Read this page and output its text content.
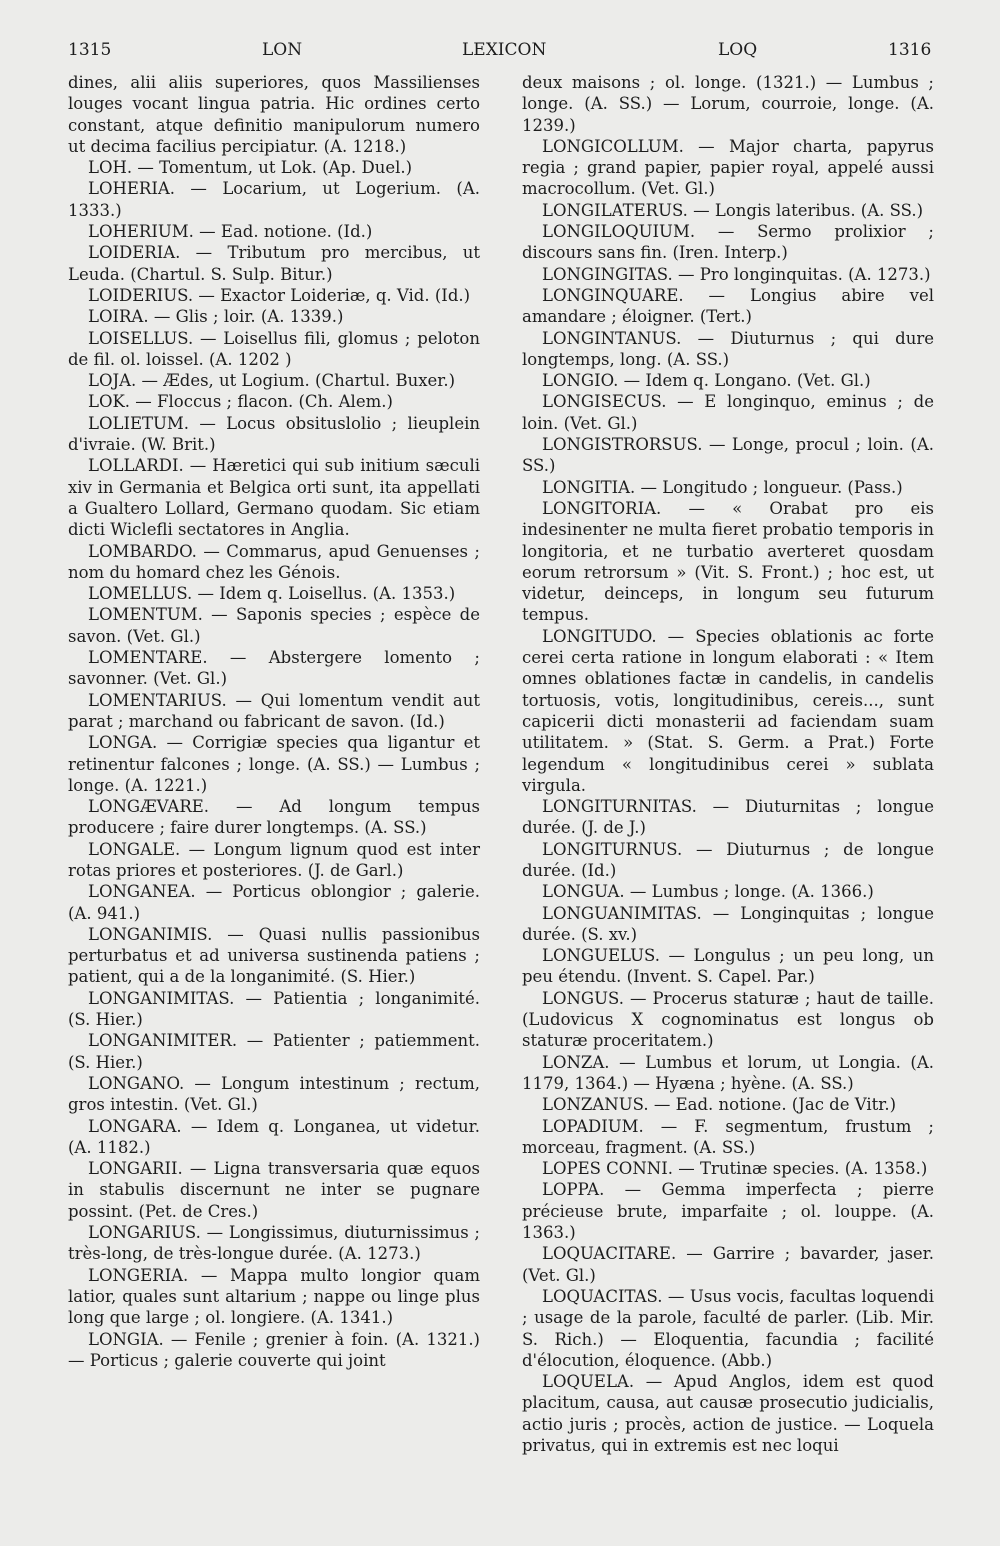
1315	LON	LEXICON	LOQ	1316

dines, alii aliis superiores, quos Massilienses louges vocant lingua patria. Hic ordines certo constant, atque definitio manipulorum numero ut decima facilius percipiatur. (A. 1218.)

LOH. — Tomentum, ut Lok. (Ap. Duel.)

LOHERIA. — Locarium, ut Logerium. (A. 1333.)

LOHERIUM. — Ead. notione. (Id.)

LOIDERIA. — Tributum pro mercibus, ut Leuda. (Chartul. S. Sulp. Bitur.)

LOIDERIUS. — Exactor Loideriæ, q. Vid. (Id.)

LOIRA. — Glis ; loir. (A. 1339.)

LOISELLUS. — Loisellus fili, glomus ; peloton de fil. ol. loissel. (A. 1202 )

LOJA. — Ædes, ut Logium. (Chartul. Buxer.)

LOK. — Floccus ; flacon. (Ch. Alem.)

LOLIETUM. — Locus obsituslolio ; lieuplein d'ivraie. (W. Brit.)

LOLLARDI. — Hæretici qui sub initium sæculi xiv in Germania et Belgica orti sunt, ita appellati a Gualtero Lollard, Germano quodam. Sic etiam dicti Wiclefli sectatores in Anglia.

LOMBARDO. — Commarus, apud Genuenses ; nom du homard chez les Génois.

LOMELLUS. — Idem q. Loisellus. (A. 1353.)

LOMENTUM. — Saponis species ; espèce de savon. (Vet. Gl.)

LOMENTARE. — Abstergere lomento ; savonner. (Vet. Gl.)

LOMENTARIUS. — Qui lomentum vendit aut parat ; marchand ou fabricant de savon. (Id.)

LONGA. — Corrigiæ species qua ligantur et retinentur falcones ; longe. (A. SS.) — Lumbus ; longe. (A. 1221.)

LONGÆVARE. — Ad longum tempus producere ; faire durer longtemps. (A. SS.)

LONGALE. — Longum lignum quod est inter rotas priores et posteriores. (J. de Garl.)

LONGANEA. — Porticus oblongior ; galerie. (A. 941.)

LONGANIMIS. — Quasi nullis passionibus perturbatus et ad universa sustinenda patiens ; patient, qui a de la longanimité. (S. Hier.)

LONGANIMITAS. — Patientia ; longanimité. (S. Hier.)

LONGANIMITER. — Patienter ; patiemment. (S. Hier.)

LONGANO. — Longum intestinum ; rectum, gros intestin. (Vet. Gl.)

LONGARA. — Idem q. Longanea, ut videtur. (A. 1182.)

LONGARII. — Ligna transversaria quæ equos in stabulis discernunt ne inter se pugnare possint. (Pet. de Cres.)

LONGARIUS. — Longissimus, diuturnissimus ; très-long, de très-longue durée. (A. 1273.)

LONGERIA. — Mappa multo longior quam latior, quales sunt altarium ; nappe ou linge plus long que large ; ol. longiere. (A. 1341.)

LONGIA. — Fenile ; grenier à foin. (A. 1321.) — Porticus ; galerie couverte qui joint

deux maisons ; ol. longe. (1321.) — Lumbus ; longe. (A. SS.) — Lorum, courroie, longe. (A. 1239.)

LONGICOLLUM. — Major charta, papyrus regia ; grand papier, papier royal, appelé aussi macrocollum. (Vet. Gl.)

LONGILATERUS. — Longis lateribus. (A. SS.)

LONGILOQUIUM. — Sermo prolixior ; discours sans fin. (Iren. Interp.)

LONGINGITAS. — Pro longinquitas. (A. 1273.)

LONGINQUARE. — Longius abire vel amandare ; éloigner. (Tert.)

LONGINTANUS. — Diuturnus ; qui dure longtemps, long. (A. SS.)

LONGIO. — Idem q. Longano. (Vet. Gl.)

LONGISECUS. — E longinquo, eminus ; de loin. (Vet. Gl.)

LONGISTRORSUS. — Longe, procul ; loin. (A. SS.)

LONGITIA. — Longitudo ; longueur. (Pass.)

LONGITORIA. — « Orabat pro eis indesinenter ne multa fieret probatio temporis in longitoria, et ne turbatio averteret quosdam eorum retrorsum » (Vit. S. Front.) ; hoc est, ut videtur, deinceps, in longum seu futurum tempus.

LONGITUDO. — Species oblationis ac forte cerei certa ratione in longum elaborati : « Item omnes oblationes factæ in candelis, in candelis tortuosis, votis, longitudinibus, cereis..., sunt capicerii dicti monasterii ad faciendam suam utilitatem. » (Stat. S. Germ. a Prat.) Forte legendum « longitudinibus cerei » sublata virgula.

LONGITURNITAS. — Diuturnitas ; longue durée. (J. de J.)

LONGITURNUS. — Diuturnus ; de longue durée. (Id.)

LONGUA. — Lumbus ; longe. (A. 1366.)

LONGUANIMITAS. — Longinquitas ; longue durée. (S. xv.)

LONGUELUS. — Longulus ; un peu long, un peu étendu. (Invent. S. Capel. Par.)

LONGUS. — Procerus staturæ ; haut de taille. (Ludovicus X cognominatus est longus ob staturæ proceritatem.)

LONZA. — Lumbus et lorum, ut Longia. (A. 1179, 1364.) — Hyæna ; hyène. (A. SS.)

LONZANUS. — Ead. notione. (Jac de Vitr.)

LOPADIUM. — F. segmentum, frustum ; morceau, fragment. (A. SS.)

LOPES CONNI. — Trutinæ species. (A. 1358.)

LOPPA. — Gemma imperfecta ; pierre précieuse brute, imparfaite ; ol. louppe. (A. 1363.)

LOQUACITARE. — Garrire ; bavarder, jaser. (Vet. Gl.)

LOQUACITAS. — Usus vocis, facultas loquendi ; usage de la parole, faculté de parler. (Lib. Mir. S. Rich.) — Eloquentia, facundia ; facilité d'élocution, éloquence. (Abb.)

LOQUELA. — Apud Anglos, idem est quod placitum, causa, aut causæ prosecutio judicialis, actio juris ; procès, action de justice. — Loquela privatus, qui in extremis est nec loqui
